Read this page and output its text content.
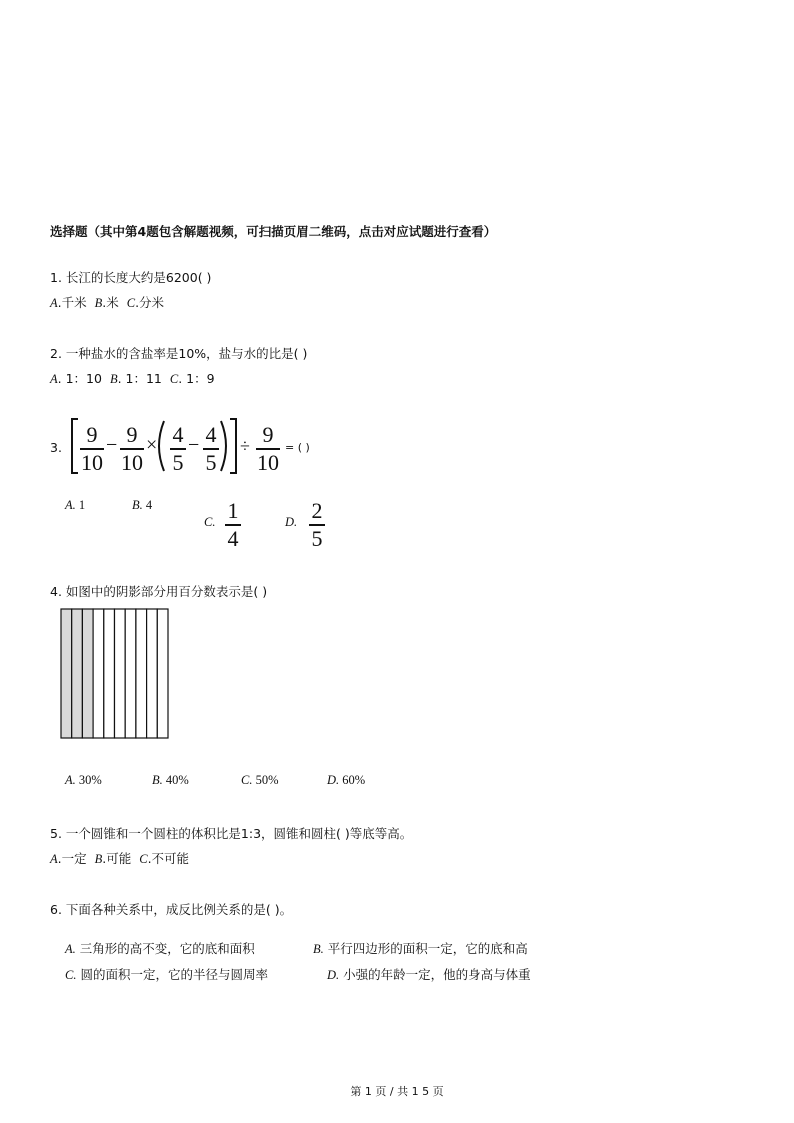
选择题（其中第4题包含解题视频，可扫描页眉二维码，点击对应试题进行查看）
1. 长江的长度大约是6200( )
A.千米 B.米 C.分米
2. 一种盐水的含盐率是10%，盐与水的比是( )
A. 1：10 B. 1：11 C. 1：9
3.
9
10
− 9
10
× 4
5
− 4
5
÷ 9
10
= ( )
A. 1	B. 4
C. 1
4
D. 2
5
4. 如图中的阴影部分用百分数表示是( )
A. 30%	B. 40%	C. 50%	D. 60%
5. 一个圆锥和一个圆柱的体积比是1:3，圆锥和圆柱( )等底等高。
A.一定 B.可能 C.不可能
6. 下面各种关系中，成反比例关系的是( )。
A. 三角形的高不变，它的底和面积	B. 平行四边形的面积一定，它的底和高
C. 圆的面积一定，它的半径与圆周率	D. 小强的年龄一定，他的身高与体重
第 1 页 / 共 1 5 页
